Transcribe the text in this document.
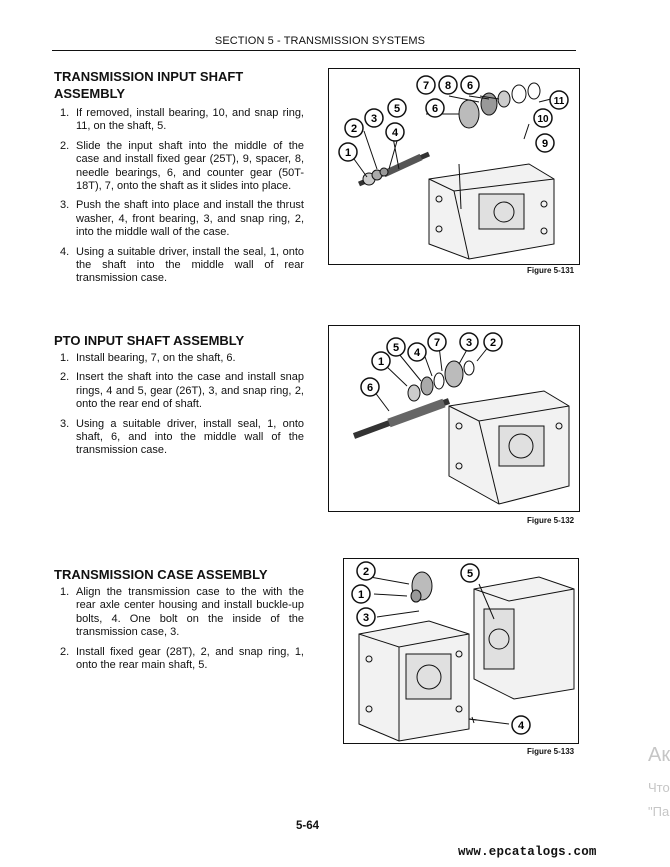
SECTION 5 - TRANSMISSION SYSTEMS
TRANSMISSION INPUT SHAFT
ASSEMBLY
1. If removed, install bearing, 10, and snap ring, 11, on the shaft, 5.
2. Slide the input shaft into the middle of the case and install fixed gear (25T), 9, spacer, 8, needle bearings, 6, and counter gear (50T-18T), 7, onto the shaft as it slides into place.
3. Push the shaft into place and install the thrust washer, 4, front bearing, 3, and snap ring, 2, into the middle wall of the case.
4. Using a suitable driver, install the seal, 1, onto the shaft into the middle wall of rear transmission case.
7 8 6
5
11
10
9
3
2	4
1
6
Figure 5-131
PTO INPUT SHAFT ASSEMBLY
1. Install bearing, 7, on the shaft, 6.
2. Insert the shaft into the case and install snap rings, 4 and 5, gear (26T), 3, and snap ring, 2, onto the rear end of shaft.
3. Using a suitable driver, install seal, 1, onto shaft, 6, and into the middle wall of the transmission case.
5 4
7 3 2
1
6
Figure 5-132
TRANSMISSION CASE ASSEMBLY
1. Align the transmission case to the with the rear axle center housing and install buckle-up bolts, 4. One bolt on the inside of the transmission case, 3.
2. Install fixed gear (28T), 2, and snap ring, 1, onto the rear main shaft, 5.
2
1
3
5
4
Figure 5-133
5-64
www.epcatalogs.com
Ак
Что
"Па
